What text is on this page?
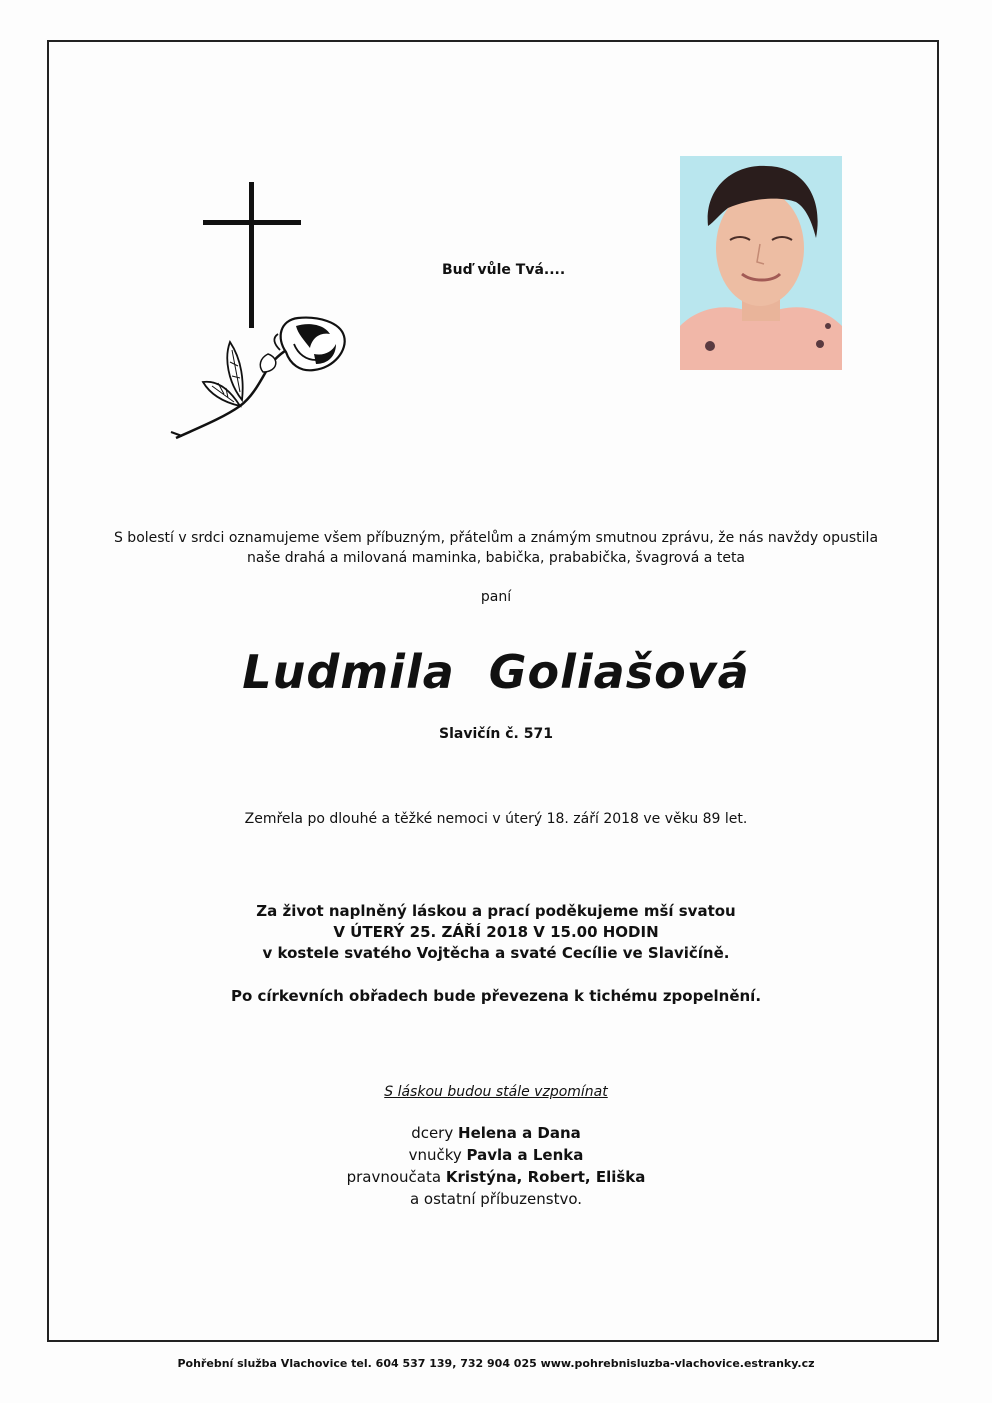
Buď vůle Tvá....
S bolestí v srdci oznamujeme všem příbuzným, přátelům a známým smutnou zprávu, že nás navždy opustila
naše drahá a milovaná maminka, babička, prababička, švagrová a teta
paní
Ludmila Goliašová
Slavičín č. 571
Zemřela po dlouhé a těžké nemoci v úterý 18. září 2018 ve věku 89 let.
Za život naplněný láskou a prací poděkujeme mší svatou
V ÚTERÝ 25. ZÁŘÍ 2018 V 15.00 HODIN
v kostele svatého Vojtěcha a svaté Cecílie ve Slavičíně.
Po církevních obřadech bude převezena k tichému zpopelnění.
S láskou budou stále vzpomínat
dcery Helena a Dana
vnučky Pavla a Lenka
pravnoučata Kristýna, Robert, Eliška
a ostatní příbuzenstvo.
Pohřební služba Vlachovice tel. 604 537 139, 732 904 025 www.pohrebnisluzba-vlachovice.estranky.cz
